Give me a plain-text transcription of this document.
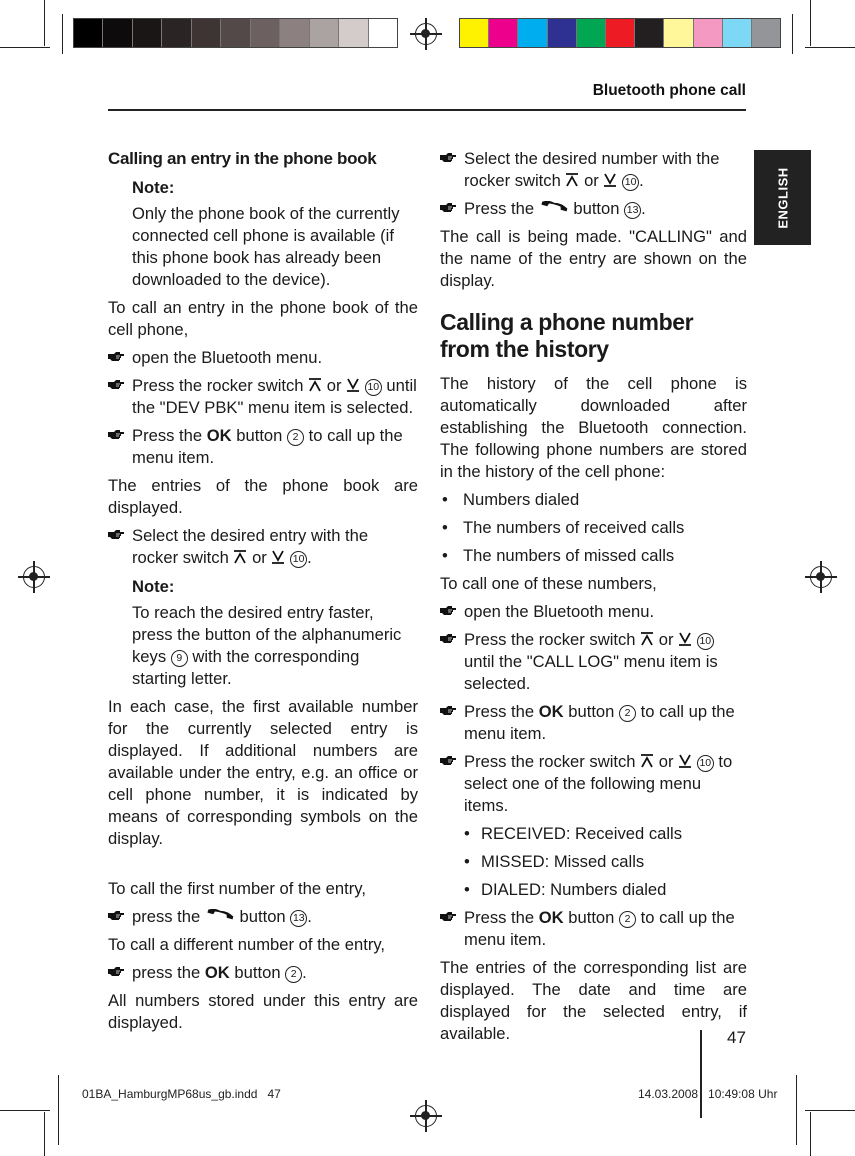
Bluetooth phone call
ENGLISH

Calling an entry in the phone book

Note:

Only the phone book of the currently connected cell phone is available (if this phone book has already been downloaded to the device).

To call an entry in the phone book of the cell phone,

open the Bluetooth menu.

Press the rocker switch or 10 until the "DEV PBK" menu item is selected.

Press the OK button 2 to call up the menu item.

The entries of the phone book are displayed.

Select the desired entry with the rocker switch or 10 .

Note:

To reach the desired entry faster, press the button of the alphanumeric keys 9 with the corresponding starting letter.

In each case, the first available number for the currently selected entry is displayed. If additional numbers are available under the entry, e.g. an office or cell phone number, it is indicated by means of corresponding symbols on the display.

To call the first number of the entry,

press the button 13 .

To call a different number of the entry,

press the OK button 2 .

All numbers stored under this entry are displayed.

Select the desired number with the rocker switch or 10 .

Press the button 13 .

The call is being made. "CALLING" and the name of the entry are shown on the display.

Calling a phone number from the history

The history of the cell phone is automatically downloaded after establishing the Bluetooth connection. The following phone numbers are stored in the history of the cell phone:

• Numbers dialed

• The numbers of received calls

• The numbers of missed calls

To call one of these numbers,

open the Bluetooth menu.

Press the rocker switch or 10 until the "CALL LOG" menu item is selected.

Press the OK button 2 to call up the menu item.

Press the rocker switch or 10 to select one of the following menu items.

• RECEIVED: Received calls

• MISSED: Missed calls

• DIALED: Numbers dialed

Press the OK button 2 to call up the menu item.

The entries of the corresponding list are displayed. The date and time are displayed for the selected entry, if available.	47
01BA_HamburgMP68us_gb.indd   47	14.03.2008   10:49:08 Uhr
